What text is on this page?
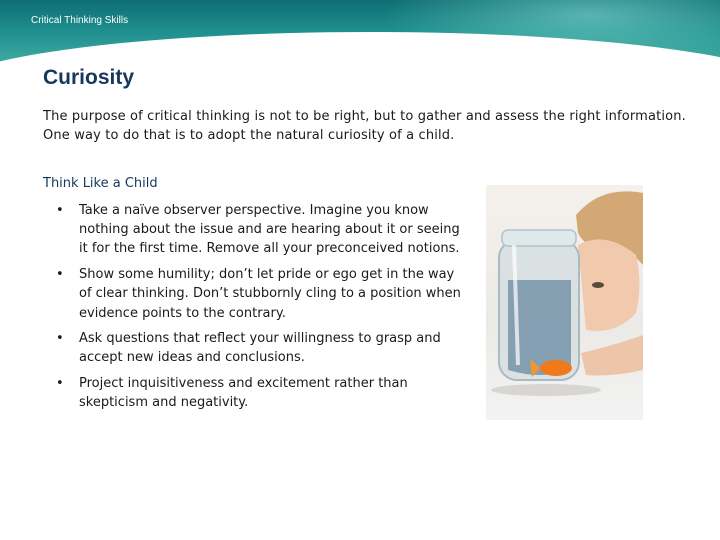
Critical Thinking Skills
Curiosity
The purpose of critical thinking is not to be right, but to gather and assess the right information.
One way to do that is to adopt the natural curiosity of a child.
Think Like a Child
• Take a naïve observer perspective. Imagine you know nothing about the issue and are hearing about it or seeing it for the first time. Remove all your preconceived notions.
• Show some humility; don’t let pride or ego get in the way of clear thinking. Don’t stubbornly cling to a position when evidence points to the contrary.
• Ask questions that reflect your willingness to grasp and accept new ideas and conclusions.
• Project inquisitiveness and excitement rather than skepticism and negativity.
